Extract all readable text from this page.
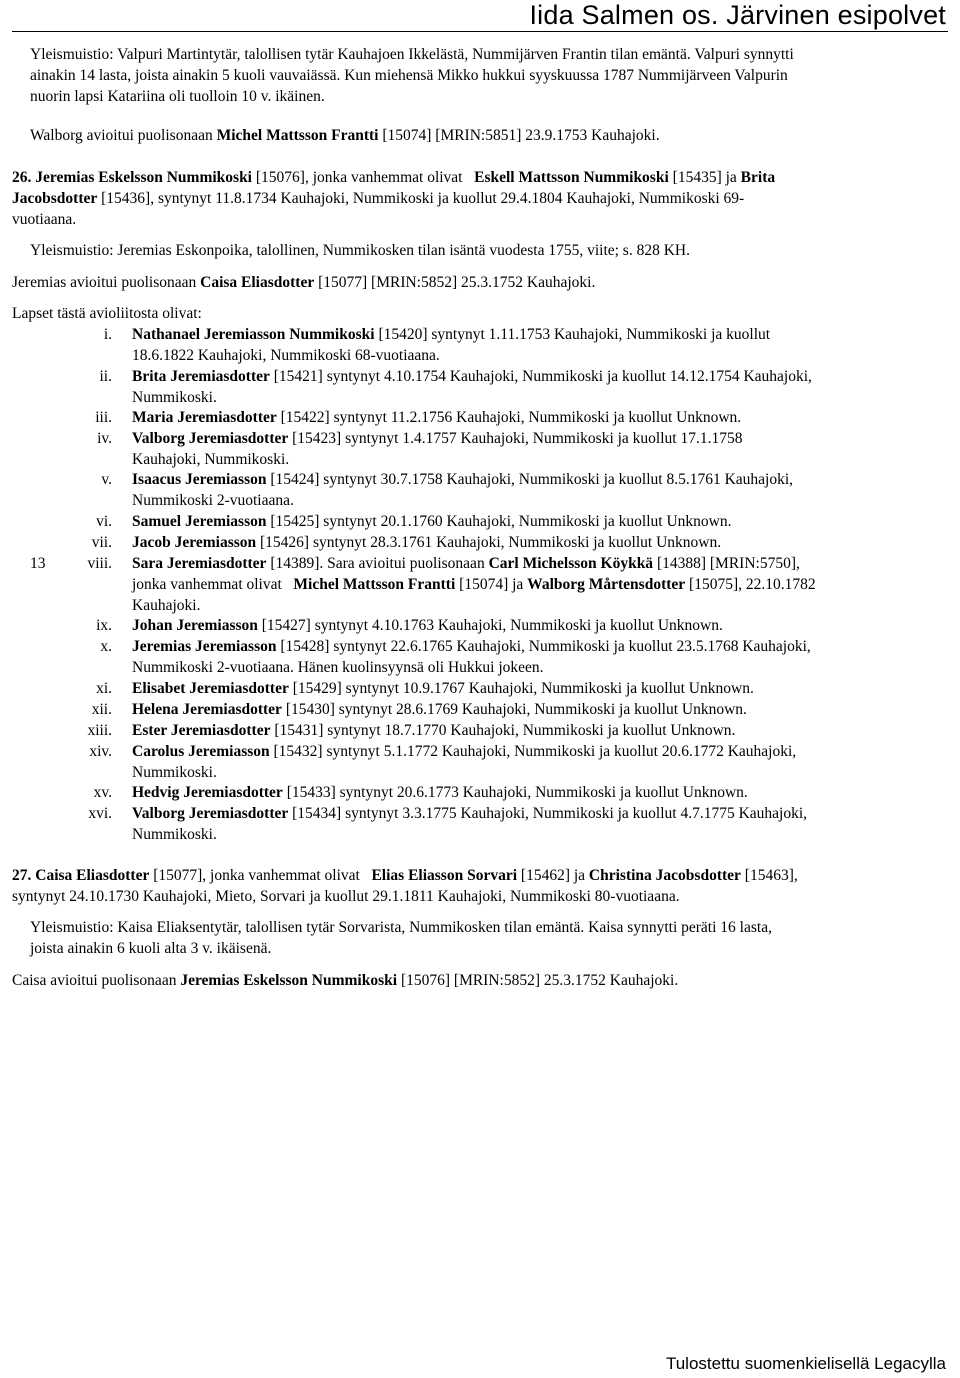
Iida Salmen os. Järvinen esipolvet

Yleismuistio: Valpuri Martintytär, talollisen tytär Kauhajoen Ikkelästä, Nummijärven Frantin tilan emäntä. Valpuri synnytti

ainakin 14 lasta, joista ainakin 5 kuoli vauvaiässä. Kun miehensä Mikko hukkui syyskuussa 1787 Nummijärveen Valpurin

nuorin lapsi Katariina oli tuolloin 10 v. ikäinen.

Walborg avioitui puolisonaan Michel Mattsson Frantti [15074] [MRIN:5851] 23.9.1753 Kauhajoki.

26. Jeremias Eskelsson Nummikoski [15076], jonka vanhemmat olivat Eskell Mattsson Nummikoski [15435] ja Brita

Jacobsdotter [15436], syntynyt 11.8.1734 Kauhajoki, Nummikoski ja kuollut 29.4.1804 Kauhajoki, Nummikoski 69-

vuotiaana.

Yleismuistio: Jeremias Eskonpoika, talollinen, Nummikosken tilan isäntä vuodesta 1755, viite; s. 828 KH.

Jeremias avioitui puolisonaan Caisa Eliasdotter [15077] [MRIN:5852] 25.3.1752 Kauhajoki.

Lapset tästä avioliitosta olivat:
i. Nathanael Jeremiasson Nummikoski [15420] syntynyt 1.11.1753 Kauhajoki, Nummikoski ja kuollut

18.6.1822 Kauhajoki, Nummikoski 68-vuotiaana.

ii. Brita Jeremiasdotter [15421] syntynyt 4.10.1754 Kauhajoki, Nummikoski ja kuollut 14.12.1754 Kauhajoki,

Nummikoski.

iii. Maria Jeremiasdotter [15422] syntynyt 11.2.1756 Kauhajoki, Nummikoski ja kuollut Unknown.

iv. Valborg Jeremiasdotter [15423] syntynyt 1.4.1757 Kauhajoki, Nummikoski ja kuollut 17.1.1758

Kauhajoki, Nummikoski.

v. Isaacus Jeremiasson [15424] syntynyt 30.7.1758 Kauhajoki, Nummikoski ja kuollut 8.5.1761 Kauhajoki,

Nummikoski 2-vuotiaana.

vi. Samuel Jeremiasson [15425] syntynyt 20.1.1760 Kauhajoki, Nummikoski ja kuollut Unknown.

vii. Jacob Jeremiasson [15426] syntynyt 28.3.1761 Kauhajoki, Nummikoski ja kuollut Unknown.

13	viii. Sara Jeremiasdotter [14389]. Sara avioitui puolisonaan Carl Michelsson Köykkä [14388] [MRIN:5750],

jonka vanhemmat olivat Michel Mattsson Frantti [15074] ja Walborg Mårtensdotter [15075], 22.10.1782

Kauhajoki.

ix. Johan Jeremiasson [15427] syntynyt 4.10.1763 Kauhajoki, Nummikoski ja kuollut Unknown.

x. Jeremias Jeremiasson [15428] syntynyt 22.6.1765 Kauhajoki, Nummikoski ja kuollut 23.5.1768 Kauhajoki,

Nummikoski 2-vuotiaana. Hänen kuolinsyynsä oli Hukkui jokeen.

xi. Elisabet Jeremiasdotter [15429] syntynyt 10.9.1767 Kauhajoki, Nummikoski ja kuollut Unknown.

xii. Helena Jeremiasdotter [15430] syntynyt 28.6.1769 Kauhajoki, Nummikoski ja kuollut Unknown.

xiii. Ester Jeremiasdotter [15431] syntynyt 18.7.1770 Kauhajoki, Nummikoski ja kuollut Unknown.

xiv. Carolus Jeremiasson [15432] syntynyt 5.1.1772 Kauhajoki, Nummikoski ja kuollut 20.6.1772 Kauhajoki,

Nummikoski.

xv. Hedvig Jeremiasdotter [15433] syntynyt 20.6.1773 Kauhajoki, Nummikoski ja kuollut Unknown.

xvi. Valborg Jeremiasdotter [15434] syntynyt 3.3.1775 Kauhajoki, Nummikoski ja kuollut 4.7.1775 Kauhajoki,

Nummikoski.

27. Caisa Eliasdotter [15077], jonka vanhemmat olivat Elias Eliasson Sorvari [15462] ja Christina Jacobsdotter [15463],

syntynyt 24.10.1730 Kauhajoki, Mieto, Sorvari ja kuollut 29.1.1811 Kauhajoki, Nummikoski 80-vuotiaana.

Yleismuistio: Kaisa Eliaksentytär, talollisen tytär Sorvarista, Nummikosken tilan emäntä. Kaisa synnytti peräti 16 lasta,

joista ainakin 6 kuoli alta 3 v. ikäisenä.

Caisa avioitui puolisonaan Jeremias Eskelsson Nummikoski [15076] [MRIN:5852] 25.3.1752 Kauhajoki.

Tulostettu suomenkielisellä Legacylla
